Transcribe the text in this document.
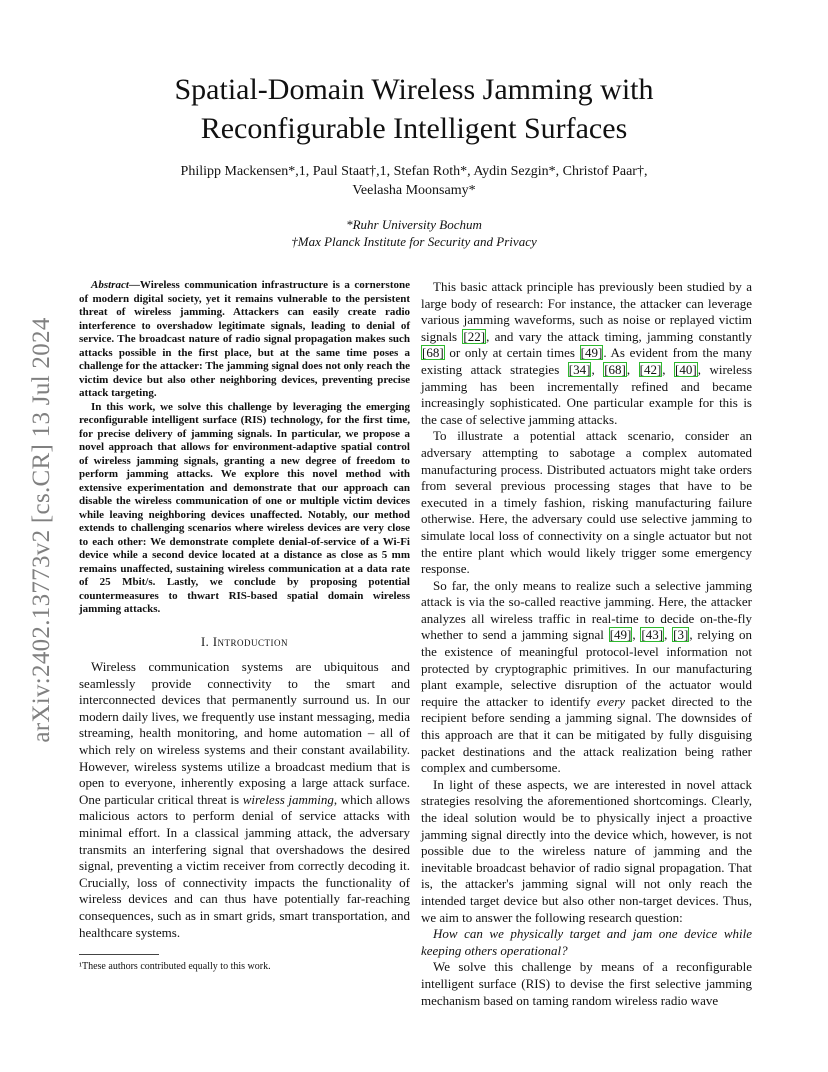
arXiv:2402.13773v2 [cs.CR] 13 Jul 2024
Spatial-Domain Wireless Jamming with Reconfigurable Intelligent Surfaces
Philipp Mackensen*,1, Paul Staat†,1, Stefan Roth*, Aydin Sezgin*, Christof Paar†,
Veelasha Moonsamy*
*Ruhr University Bochum
†Max Planck Institute for Security and Privacy

Abstract—Wireless communication infrastructure is a cornerstone of modern digital society, yet it remains vulnerable to the persistent threat of wireless jamming. Attackers can easily create radio interference to overshadow legitimate signals, leading to denial of service. The broadcast nature of radio signal propagation makes such attacks possible in the first place, but at the same time poses a challenge for the attacker: The jamming signal does not only reach the victim device but also other neighboring devices, preventing precise attack targeting.

In this work, we solve this challenge by leveraging the emerging reconfigurable intelligent surface (RIS) technology, for the first time, for precise delivery of jamming signals. In particular, we propose a novel approach that allows for environment-adaptive spatial control of wireless jamming signals, granting a new degree of freedom to perform jamming attacks. We explore this novel method with extensive experimentation and demonstrate that our approach can disable the wireless communication of one or multiple victim devices while leaving neighboring devices unaffected. Notably, our method extends to challenging scenarios where wireless devices are very close to each other: We demonstrate complete denial-of-service of a Wi-Fi device while a second device located at a distance as close as 5 mm remains unaffected, sustaining wireless communication at a data rate of 25 Mbit/s. Lastly, we conclude by proposing potential countermeasures to thwart RIS-based spatial domain wireless jamming attacks.

I. Introduction

Wireless communication systems are ubiquitous and seamlessly provide connectivity to the smart and interconnected devices that permanently surround us. In our modern daily lives, we frequently use instant messaging, media streaming, health monitoring, and home automation – all of which rely on wireless systems and their constant availability. However, wireless systems utilize a broadcast medium that is open to everyone, inherently exposing a large attack surface. One particular critical threat is wireless jamming, which allows malicious actors to perform denial of service attacks with minimal effort. In a classical jamming attack, the adversary transmits an interfering signal that overshadows the desired signal, preventing a victim receiver from correctly decoding it. Crucially, loss of connectivity impacts the functionality of wireless devices and can thus have potentially far-reaching consequences, such as in smart grids, smart transportation, and healthcare systems.

¹These authors contributed equally to this work.

This basic attack principle has previously been studied by a large body of research: For instance, the attacker can leverage various jamming waveforms, such as noise or replayed victim signals [22], and vary the attack timing, jamming constantly [68] or only at certain times [49]. As evident from the many existing attack strategies [34], [68], [42], [40], wireless jamming has been incrementally refined and became increasingly sophisticated. One particular example for this is the case of selective jamming attacks.

To illustrate a potential attack scenario, consider an adversary attempting to sabotage a complex automated manufacturing process. Distributed actuators might take orders from several previous processing stages that have to be executed in a timely fashion, risking manufacturing failure otherwise. Here, the adversary could use selective jamming to simulate local loss of connectivity on a single actuator but not the entire plant which would likely trigger some emergency response.

So far, the only means to realize such a selective jamming attack is via the so-called reactive jamming. Here, the attacker analyzes all wireless traffic in real-time to decide on-the-fly whether to send a jamming signal [49], [43], [3], relying on the existence of meaningful protocol-level information not protected by cryptographic primitives. In our manufacturing plant example, selective disruption of the actuator would require the attacker to identify every packet directed to the recipient before sending a jamming signal. The downsides of this approach are that it can be mitigated by fully disguising packet destinations and the attack realization being rather complex and cumbersome.

In light of these aspects, we are interested in novel attack strategies resolving the aforementioned shortcomings. Clearly, the ideal solution would be to physically inject a proactive jamming signal directly into the device which, however, is not possible due to the wireless nature of jamming and the inevitable broadcast behavior of radio signal propagation. That is, the attacker's jamming signal will not only reach the intended target device but also other non-target devices. Thus, we aim to answer the following research question:

How can we physically target and jam one device while keeping others operational?

We solve this challenge by means of a reconfigurable intelligent surface (RIS) to devise the first selective jamming mechanism based on taming random wireless radio wave
